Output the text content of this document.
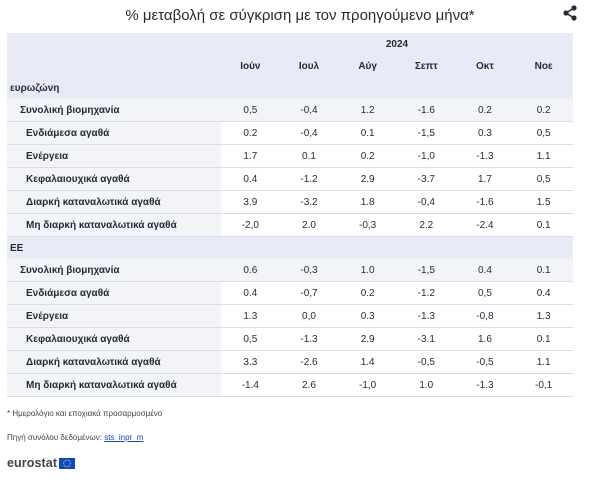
% μεταβολή σε σύγκριση με τον προηγούμενο μήνα*
	2024					
	Ιούν	Ιουλ	Αύγ	Σεπτ	Οκτ	Νοε
ευρωζώνη						
Συνολική βιομηχανία	0,5	-0,4	1.2	-1.6	0.2	0.2
Ενδιάμεσα αγαθά	0.2	-0,4	0.1	-1,5	0.3	0,5
Ενέργεια	1.7	0.1	0.2	-1,0	-1.3	1.1
Κεφαλαιουχικά αγαθά	0.4	-1.2	2.9	-3.7	1.7	0,5
Διαρκή καταναλωτικά αγαθά	3.9	-3.2	1.8	-0,4	-1.6	1.5
Μη διαρκή καταναλωτικά αγαθά	-2,0	2.0	-0,3	2.2	-2.4	0.1
ΕΕ						
Συνολική βιομηχανία	0.6	-0,3	1.0	-1,5	0.4	0.1
Ενδιάμεσα αγαθά	0.4	-0,7	0.2	-1.2	0,5	0.4
Ενέργεια	1.3	0,0	0.3	-1.3	-0,8	1.3
Κεφαλαιουχικά αγαθά	0,5	-1.3	2.9	-3.1	1.6	0.1
Διαρκή καταναλωτικά αγαθά	3.3	-2.6	1.4	-0,5	-0,5	1.1
Μη διαρκή καταναλωτικά αγαθά	-1.4	2.6	-1,0	1.0	-1.3	-0,1
* Ημερολόγιο και εποχιακά προσαρμοσμένο
Πηγή συνόλου δεδομένων: sts_inpr_m
eurostat
